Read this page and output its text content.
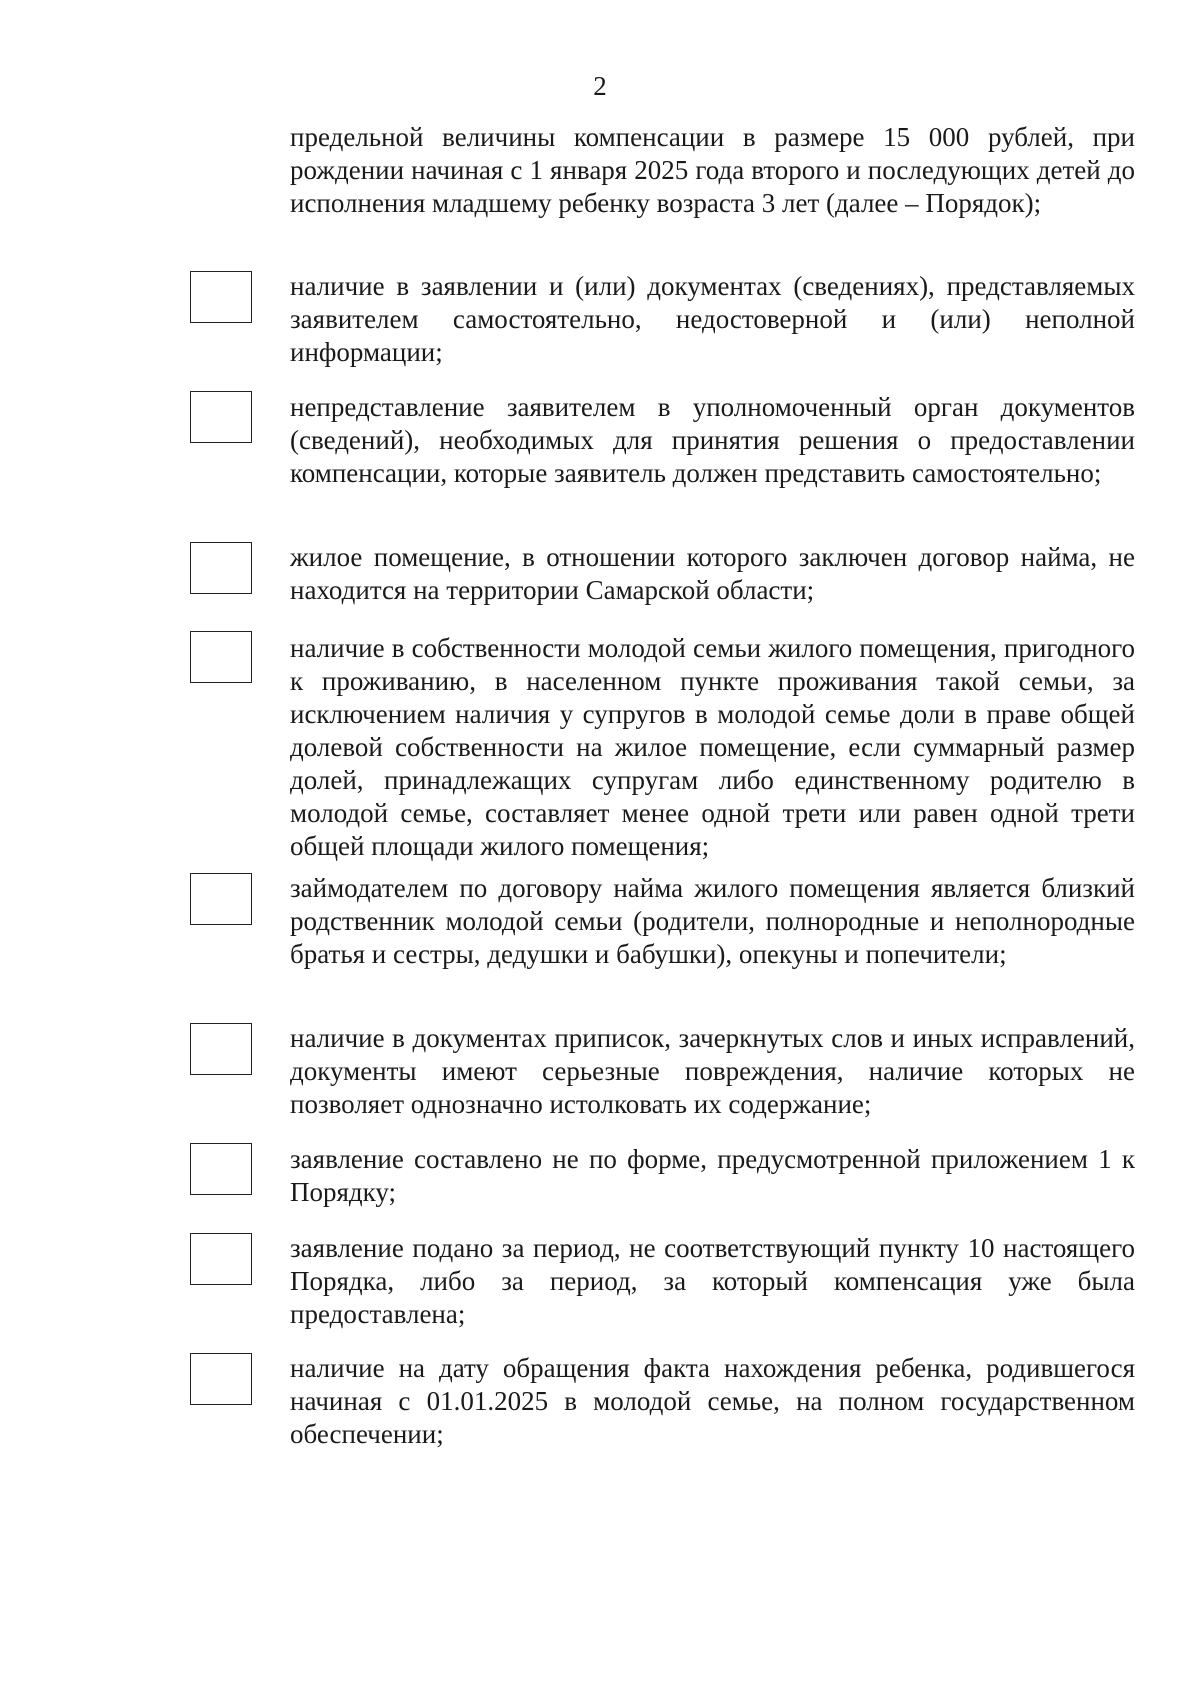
2
предельной величины компенсации в размере 15 000 рублей, при рождении начиная с 1 января 2025 года второго и последующих детей до исполнения младшему ребенку возраста 3 лет (далее – Порядок);
наличие в заявлении и (или) документах (сведениях), представляемых заявителем самостоятельно, недостоверной и (или) неполной информации;
непредставление заявителем в уполномоченный орган документов (сведений), необходимых для принятия решения о предоставлении компенсации, которые заявитель должен представить самостоятельно;
жилое помещение, в отношении которого заключен договор найма, не находится на территории Самарской области;
наличие в собственности молодой семьи жилого помещения, пригодного к проживанию, в населенном пункте проживания такой семьи, за исключением наличия у супругов в молодой семье доли в праве общей долевой собственности на жилое помещение, если суммарный размер долей, принадлежащих супругам либо единственному родителю в молодой семье, составляет менее одной трети или равен одной трети общей площади жилого помещения;
займодателем по договору найма жилого помещения является близкий родственник молодой семьи (родители, полнородные и неполнородные братья и сестры, дедушки и бабушки), опекуны и попечители;
наличие в документах приписок, зачеркнутых слов и иных исправлений, документы имеют серьезные повреждения, наличие которых не позволяет однозначно истолковать их содержание;
заявление составлено не по форме, предусмотренной приложением 1 к Порядку;
заявление подано за период, не соответствующий пункту 10 настоящего Порядка, либо за период, за который компенсация уже была предоставлена;
наличие на дату обращения факта нахождения ребенка, родившегося начиная с 01.01.2025 в молодой семье, на полном государственном обеспечении;
